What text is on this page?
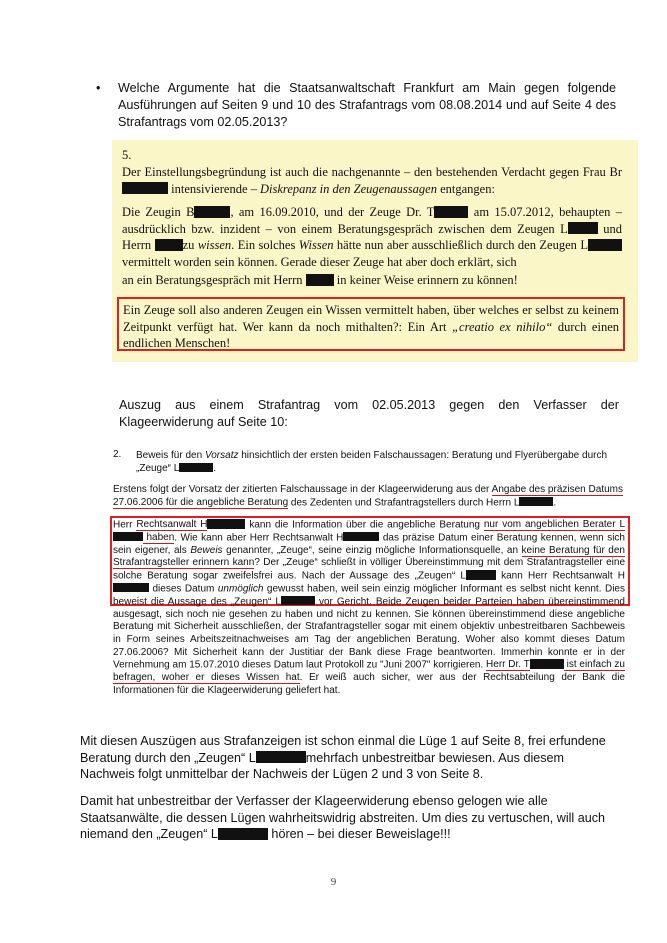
• Welche Argumente hat die Staatsanwaltschaft Frankfurt am Main gegen folgende Ausführungen auf Seiten 9 und 10 des Strafantrags vom 08.08.2014 und auf Seite 4 des Strafantrags vom 02.05.2013?
5.
Der Einstellungsbegründung ist auch die nachgenannte – den bestehenden Verdacht gegen Frau Br intensivierende – Diskrepanz in den Zeugenaussagen entgangen:
Die Zeugin B	, am 16.09.2010, und der Zeuge Dr. T	am 15.07.2012, behaupten – ausdrücklich bzw. inzident – von einem Beratungsgespräch zwischen dem Zeugen L und Herrn zu wissen. Ein solches Wissen hätte nun aber ausschließlich durch den Zeugen L vermittelt worden sein können. Gerade dieser Zeuge hat aber doch erklärt, sich
an ein Beratungsgespräch mit Herrn  in keiner Weise erinnern zu können!
Ein Zeuge soll also anderen Zeugen ein Wissen vermittelt haben, über welches er selbst zu keinem Zeitpunkt verfügt hat. Wer kann da noch mithalten?: Ein Art „creatio ex nihilo“ durch einen endlichen Menschen!
Auszug aus einem Strafantrag vom 02.05.2013 gegen den Verfasser der Klageerwiderung auf Seite 10:
2. Beweis für den Vorsatz hinsichtlich der ersten beiden Falschaussagen: Beratung und Flyerübergabe durch „Zeuge“ L	.
Erstens folgt der Vorsatz der zitierten Falschaussage in der Klageerwiderung aus der Angabe des präzisen Datums 27.06.2006 für die angebliche Beratung des Zedenten und Strafantragstellers durch Herrn L	.
Herr Rechtsanwalt H	kann die Information über die angebliche Beratung nur vom angeblichen Berater L haben. Wie kann aber Herr Rechtsanwalt H	das präzise Datum einer Beratung kennen, wenn sich sein eigener, als Beweis genannter, „Zeuge“, seine einzig mögliche Informationsquelle, an keine Beratung für den Strafantragsteller erinnern kann? Der „Zeuge“ schließt in völliger Übereinstimmung mit dem Strafantragsteller eine solche Beratung sogar zweifelsfrei aus. Nach der Aussage des „Zeugen“ L	kann Herr Rechtsanwalt H dieses Datum unmöglich gewusst haben, weil sein einzig möglicher Informant es selbst nicht kennt. Dies beweist die Aussage des „Zeugen“ L	vor Gericht. Beide Zeugen beider Parteien haben übereinstimmend ausgesagt, sich noch nie gesehen zu haben und nicht zu kennen. Sie können übereinstimmend diese angebliche Beratung mit Sicherheit ausschließen, der Strafantragsteller sogar mit einem objektiv unbestreitbaren Sachbeweis in Form seines Arbeitszeitnachweises am Tag der angeblichen Beratung. Woher also kommt dieses Datum 27.06.2006? Mit Sicherheit kann der Justitiar der Bank diese Frage beantworten. Immerhin konnte er in der Vernehmung am 15.07.2010 dieses Datum laut Protokoll zu "Juni 2007" korrigieren. Herr Dr. T	ist einfach zu befragen, woher er dieses Wissen hat. Er weiß auch sicher, wer aus der Rechtsabteilung der Bank die Informationen für die Klageerwiderung geliefert hat.
Mit diesen Auszügen aus Strafanzeigen ist schon einmal die Lüge 1 auf Seite 8, frei erfundene Beratung durch den „Zeugen“ L	mehrfach unbestreitbar bewiesen. Aus diesem Nachweis folgt unmittelbar der Nachweis der Lügen 2 und 3 von Seite 8.
Damit hat unbestreitbar der Verfasser der Klageerwiderung ebenso gelogen wie alle Staatsanwälte, die dessen Lügen wahrheitswidrig abstreiten. Um dies zu vertuschen, will auch niemand den „Zeugen“ L	hören – bei dieser Beweislage!!!
9
